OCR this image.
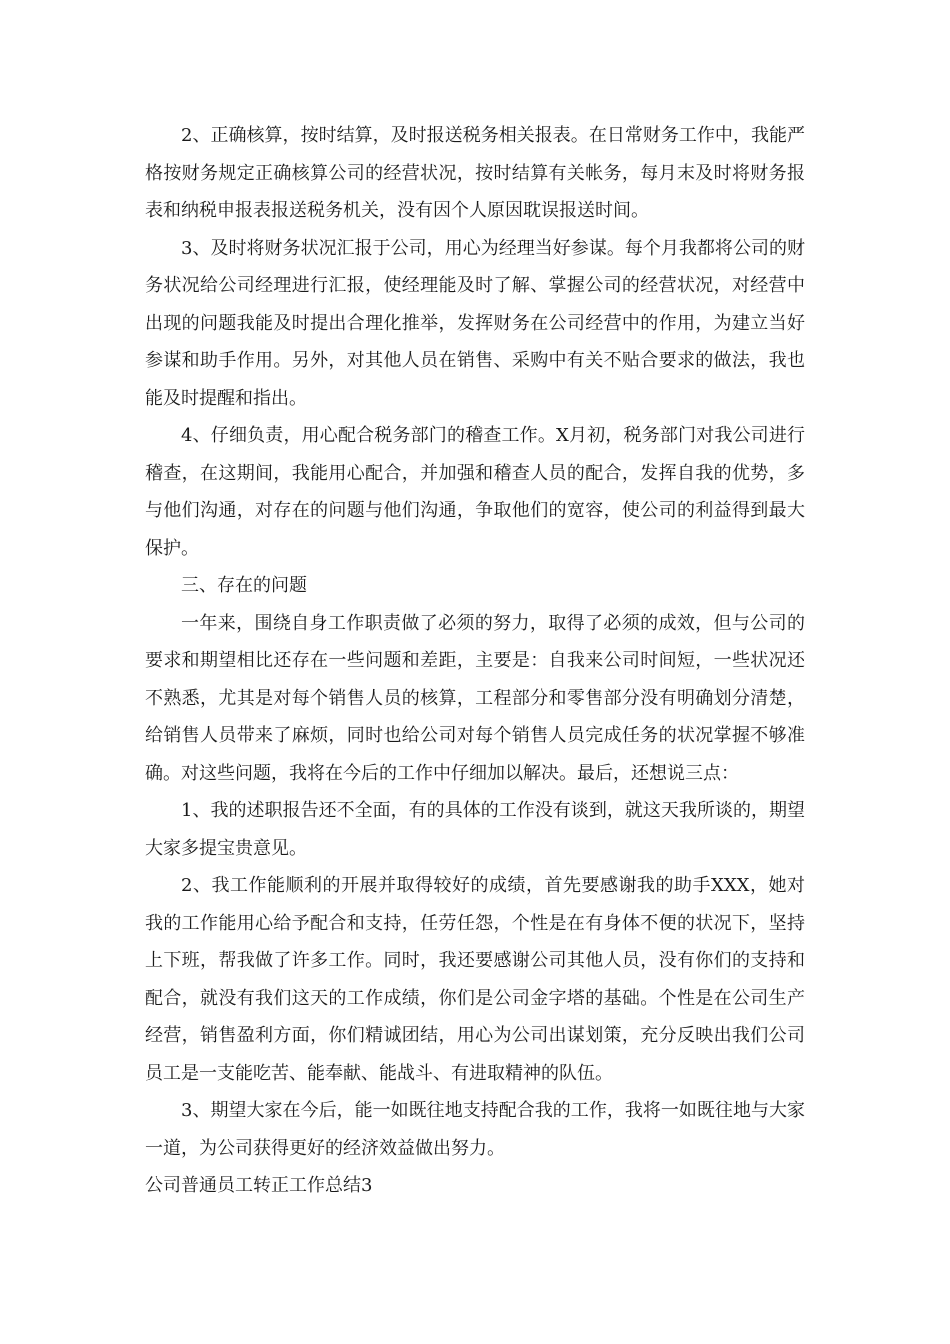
2、正确核算，按时结算，及时报送税务相关报表。在日常财务工作中，我能严格按财务规定正确核算公司的经营状况，按时结算有关帐务，每月末及时将财务报表和纳税申报表报送税务机关，没有因个人原因耽误报送时间。

3、及时将财务状况汇报于公司，用心为经理当好参谋。每个月我都将公司的财务状况给公司经理进行汇报，使经理能及时了解、掌握公司的经营状况，对经营中出现的问题我能及时提出合理化推举，发挥财务在公司经营中的作用，为建立当好参谋和助手作用。另外，对其他人员在销售、采购中有关不贴合要求的做法，我也能及时提醒和指出。

4、仔细负责，用心配合税务部门的稽查工作。X月初，税务部门对我公司进行稽查，在这期间，我能用心配合，并加强和稽查人员的配合，发挥自我的优势，多与他们沟通，对存在的问题与他们沟通，争取他们的宽容，使公司的利益得到最大保护。

三、存在的问题

一年来，围绕自身工作职责做了必须的努力，取得了必须的成效，但与公司的要求和期望相比还存在一些问题和差距，主要是：自我来公司时间短，一些状况还不熟悉，尤其是对每个销售人员的核算，工程部分和零售部分没有明确划分清楚，给销售人员带来了麻烦，同时也给公司对每个销售人员完成任务的状况掌握不够准确。对这些问题，我将在今后的工作中仔细加以解决。最后，还想说三点：

1、我的述职报告还不全面，有的具体的工作没有谈到，就这天我所谈的，期望大家多提宝贵意见。

2、我工作能顺利的开展并取得较好的成绩，首先要感谢我的助手XXX，她对我的工作能用心给予配合和支持，任劳任怨，个性是在有身体不便的状况下，坚持上下班，帮我做了许多工作。同时，我还要感谢公司其他人员，没有你们的支持和配合，就没有我们这天的工作成绩，你们是公司金字塔的基础。个性是在公司生产经营，销售盈利方面，你们精诚团结，用心为公司出谋划策，充分反映出我们公司员工是一支能吃苦、能奉献、能战斗、有进取精神的队伍。

3、期望大家在今后，能一如既往地支持配合我的工作，我将一如既往地与大家一道，为公司获得更好的经济效益做出努力。

公司普通员工转正工作总结3
